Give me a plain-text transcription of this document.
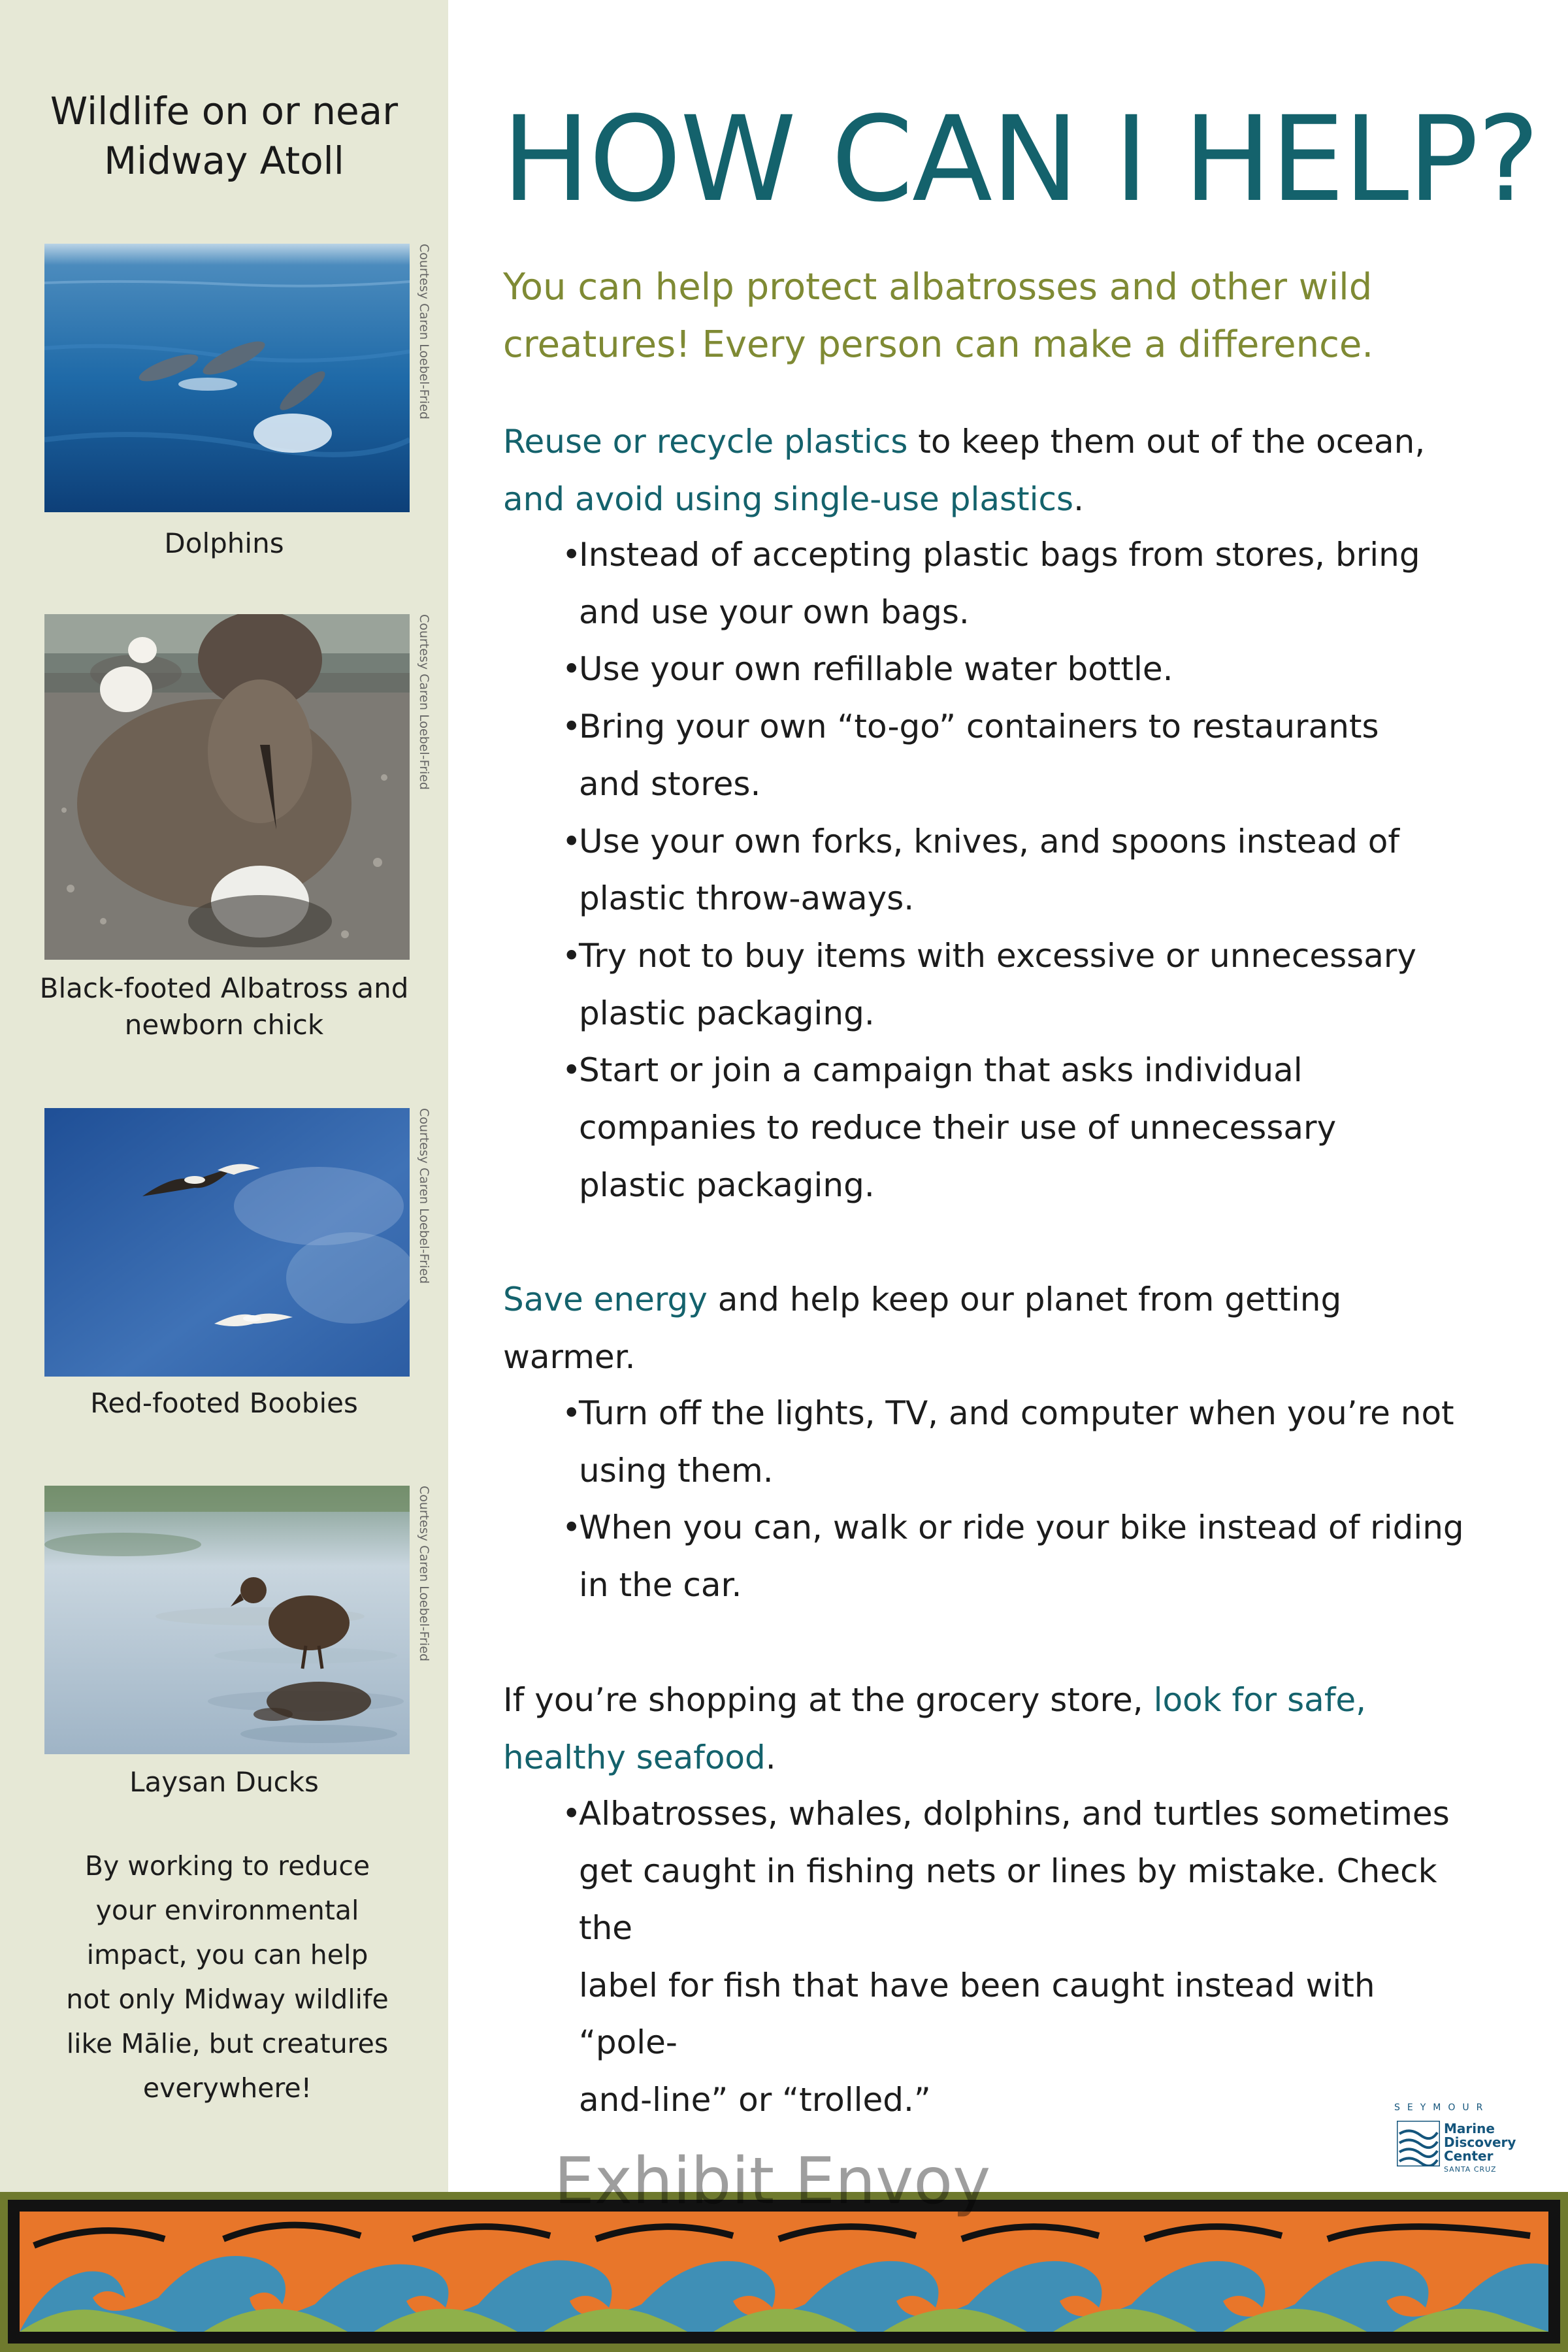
Wildlife on or near
Midway Atoll
Courtesy Caren Loebel-Fried
Dolphins
Courtesy Caren Loebel-Fried
Black-footed Albatross and
newborn chick
Courtesy Caren Loebel-Fried
Red-footed Boobies
Courtesy Caren Loebel-Fried
Laysan Ducks
By working to reduce
your environmental
impact, you can help
not only Midway wildlife
like Mālie, but creatures
everywhere!
HOW CAN I HELP?
You can help protect albatrosses and other wild
creatures! Every person can make a difference.
Reuse or recycle plastics to keep them out of the ocean,
and avoid using single-use plastics.
• Instead of accepting plastic bags from stores, bring
and use your own bags.
• Use your own refillable water bottle.
• Bring your own “to-go” containers to restaurants
and stores.
• Use your own forks, knives, and spoons instead of
plastic throw-aways.
• Try not to buy items with excessive or unnecessary
plastic packaging.
• Start or join a campaign that asks individual
companies to reduce their use of unnecessary
plastic packaging.
Save energy and help keep our planet from getting
warmer.
• Turn off the lights, TV, and computer when you’re not
using them.
• When you can, walk or ride your bike instead of riding
in the car.
If you’re shopping at the grocery store, look for safe,
healthy seafood.
• Albatrosses, whales, dolphins, and turtles sometimes
get caught in fishing nets or lines by mistake. Check the
label for fish that have been caught instead with “pole-
and-line” or “trolled.”	SEYMOUR
Marine
Discovery
Center
SANTA CRUZ
Exhibit Envoy
